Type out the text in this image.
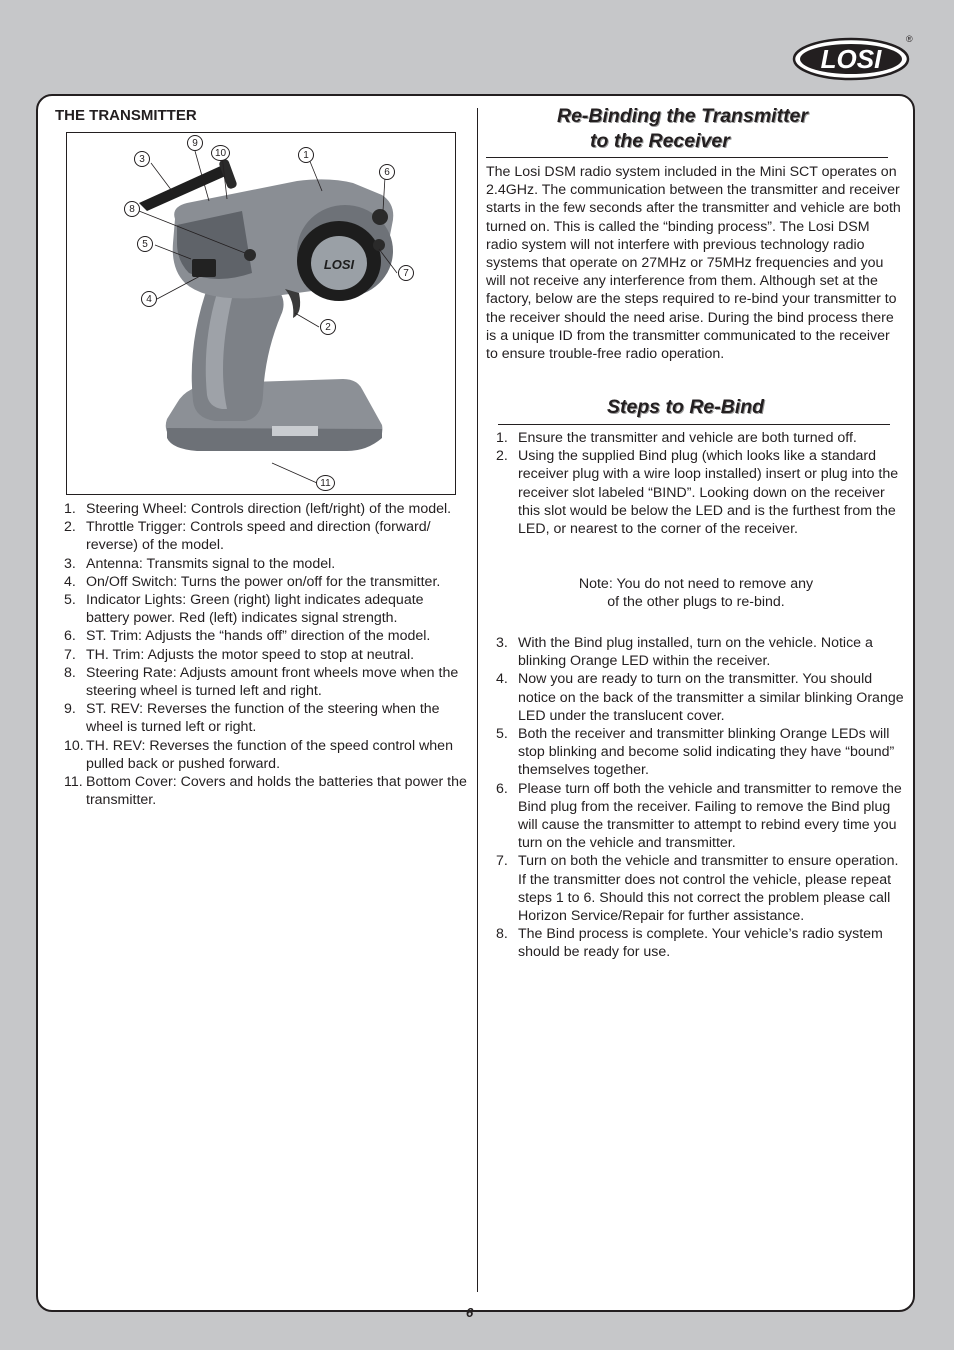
LOSI
®
THE TRANSMITTER
LOSI
3
9
10	1
6
8
5
7
4
2
11
1. Steering Wheel: Controls direction (left/right) of the model.
2. Throttle Trigger: Controls speed and direction (forward/ reverse) of the model.
3. Antenna: Transmits signal to the model.
4. On/Off Switch: Turns the power on/off for the transmitter.
5. Indicator Lights: Green (right) light indicates adequate battery power. Red (left) indicates signal strength.
6. ST. Trim: Adjusts the “hands off” direction of the model.
7. TH. Trim: Adjusts the motor speed to stop at neutral.
8. Steering Rate: Adjusts amount front wheels move when the steering wheel is turned left and right.
9. ST. REV: Reverses the function of the steering when the wheel is turned left or right.
10. TH. REV: Reverses the function of the speed control when pulled back or pushed forward.
11. Bottom Cover: Covers and holds the batteries that power the transmitter.
Re-Binding the Transmitter
to the Receiver

The Losi DSM radio system included in the Mini SCT operates on 2.4GHz. The communication between the transmitter and receiver starts in the few seconds after the transmitter and vehicle are both turned on. This is called the “binding process”. The Losi DSM radio system will not interfere with previous technology radio systems that operate on 27MHz or 75MHz frequencies and you will not receive any interference from them. Although set at the factory, below are the steps required to re-bind your transmitter to the receiver should the need arise. During the bind process there is a unique ID from the transmitter communicated to the receiver to ensure trouble-free radio operation.

Steps to Re-Bind
1. Ensure the transmitter and vehicle are both turned off.
2. Using the supplied Bind plug (which looks like a standard receiver plug with a wire loop installed) insert or plug into the receiver slot labeled “BIND”. Looking down on the receiver this slot would be below the LED and is the furthest from the LED, or nearest to the corner of the receiver.
Note: You do not need to remove any
of the other plugs to re-bind.
3. With the Bind plug installed, turn on the vehicle. Notice a blinking Orange LED within the receiver.
4. Now you are ready to turn on the transmitter. You should notice on the back of the transmitter a similar blinking Orange LED under the translucent cover.
5. Both the receiver and transmitter blinking Orange LEDs will stop blinking and become solid indicating they have “bound” themselves together.
6. Please turn off both the vehicle and transmitter to remove the Bind plug from the receiver. Failing to remove the Bind plug will cause the transmitter to attempt to rebind every time you turn on the vehicle and transmitter.
7. Turn on both the vehicle and transmitter to ensure operation. If the transmitter does not control the vehicle, please repeat steps 1 to 6. Should this not correct the problem please call Horizon Service/Repair for further assistance.
8. The Bind process is complete. Your vehicle’s radio system should be ready for use.
6
